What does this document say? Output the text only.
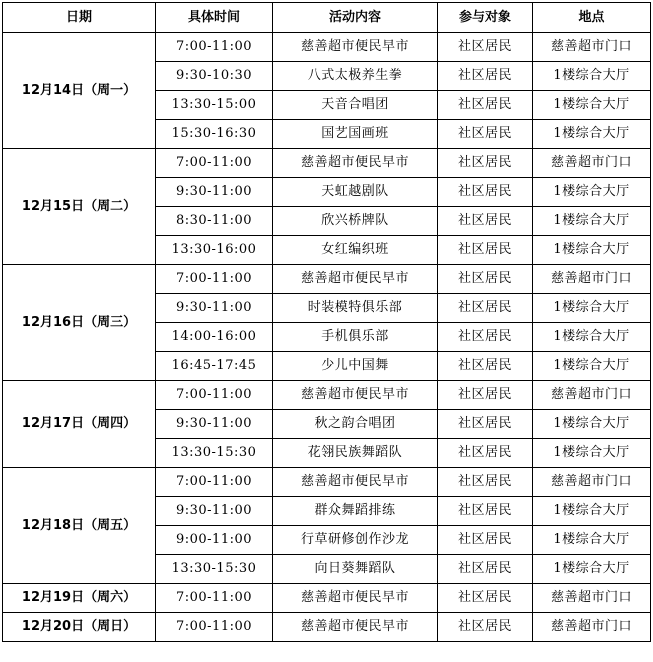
日期	具体时间	活动内容	参与对象	地点
12月14日（周一）	7:00-11:00	慈善超市便民早市	社区居民	慈善超市门口
	9:30-10:30	八式太极养生拳	社区居民	1楼综合大厅
	13:30-15:00	天音合唱团	社区居民	1楼综合大厅
	15:30-16:30	国艺国画班	社区居民	1楼综合大厅
12月15日（周二）	7:00-11:00	慈善超市便民早市	社区居民	慈善超市门口
	9:30-11:00	天虹越剧队	社区居民	1楼综合大厅
	8:30-11:00	欣兴桥牌队	社区居民	1楼综合大厅
	13:30-16:00	女红编织班	社区居民	1楼综合大厅
12月16日（周三）	7:00-11:00	慈善超市便民早市	社区居民	慈善超市门口
	9:30-11:00	时装模特俱乐部	社区居民	1楼综合大厅
	14:00-16:00	手机俱乐部	社区居民	1楼综合大厅
	16:45-17:45	少儿中国舞	社区居民	1楼综合大厅
12月17日（周四）	7:00-11:00	慈善超市便民早市	社区居民	慈善超市门口
	9:30-11:00	秋之韵合唱团	社区居民	1楼综合大厅
	13:30-15:30	花翎民族舞蹈队	社区居民	1楼综合大厅
12月18日（周五）	7:00-11:00	慈善超市便民早市	社区居民	慈善超市门口
	9:30-11:00	群众舞蹈排练	社区居民	1楼综合大厅
	9:00-11:00	行草研修创作沙龙	社区居民	1楼综合大厅
	13:30-15:30	向日葵舞蹈队	社区居民	1楼综合大厅
12月19日（周六）	7:00-11:00	慈善超市便民早市	社区居民	慈善超市门口
12月20日（周日）	7:00-11:00	慈善超市便民早市	社区居民	慈善超市门口
